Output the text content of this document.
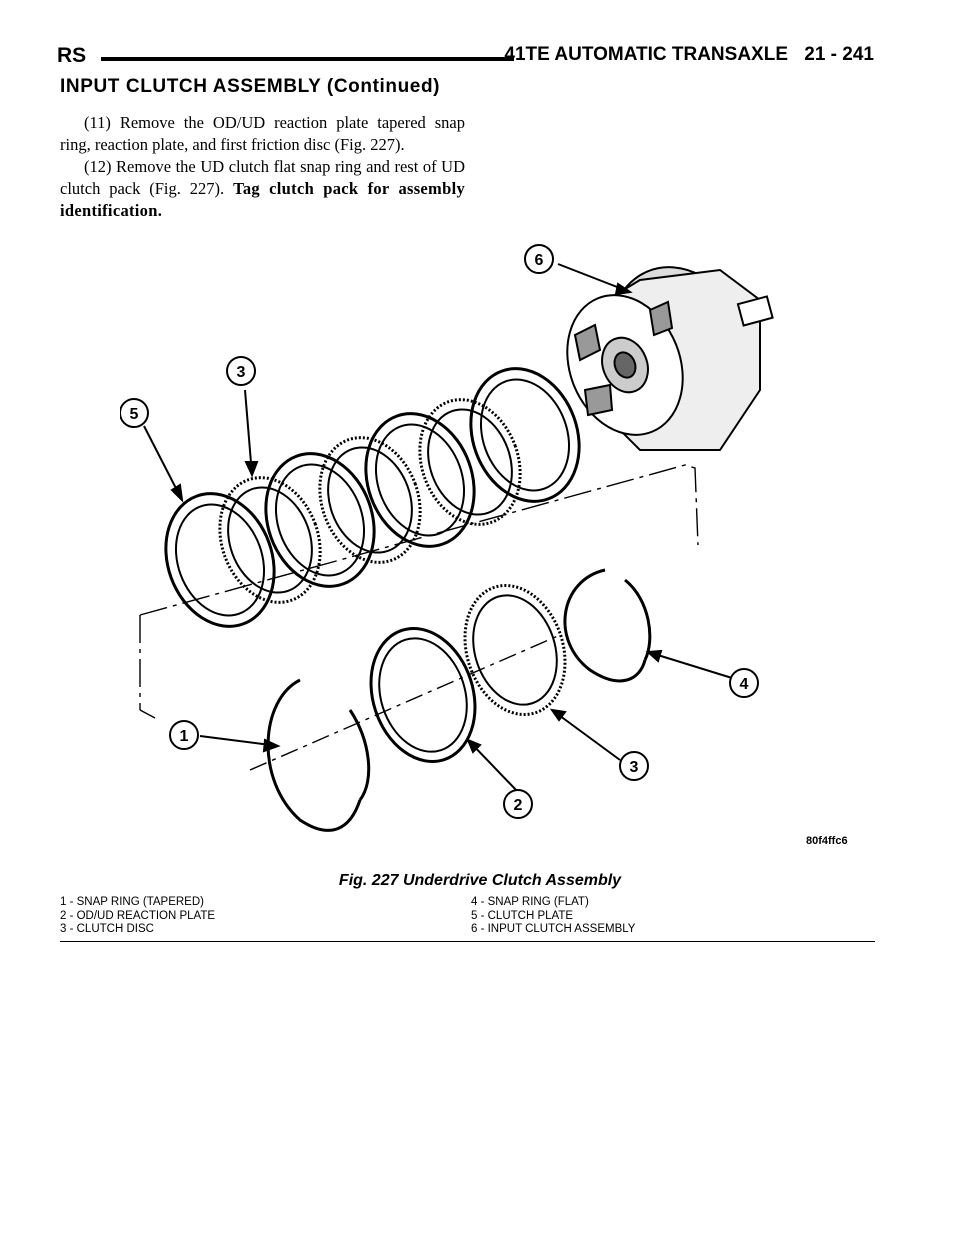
RS	41TE AUTOMATIC TRANSAXLE 21 - 241
INPUT CLUTCH ASSEMBLY (Continued)

(11) Remove the OD/UD reaction plate tapered snap ring, reaction plate, and first friction disc (Fig. 227).

(12) Remove the UD clutch flat snap ring and rest of UD clutch pack (Fig. 227). Tag clutch pack for assembly identification.

6
3
5
4
3
2
1
80f4ffc6
Fig. 227 Underdrive Clutch Assembly
1 - SNAP RING (TAPERED)
2 - OD/UD REACTION PLATE
3 - CLUTCH DISC
4 - SNAP RING (FLAT)
5 - CLUTCH PLATE
6 - INPUT CLUTCH ASSEMBLY
